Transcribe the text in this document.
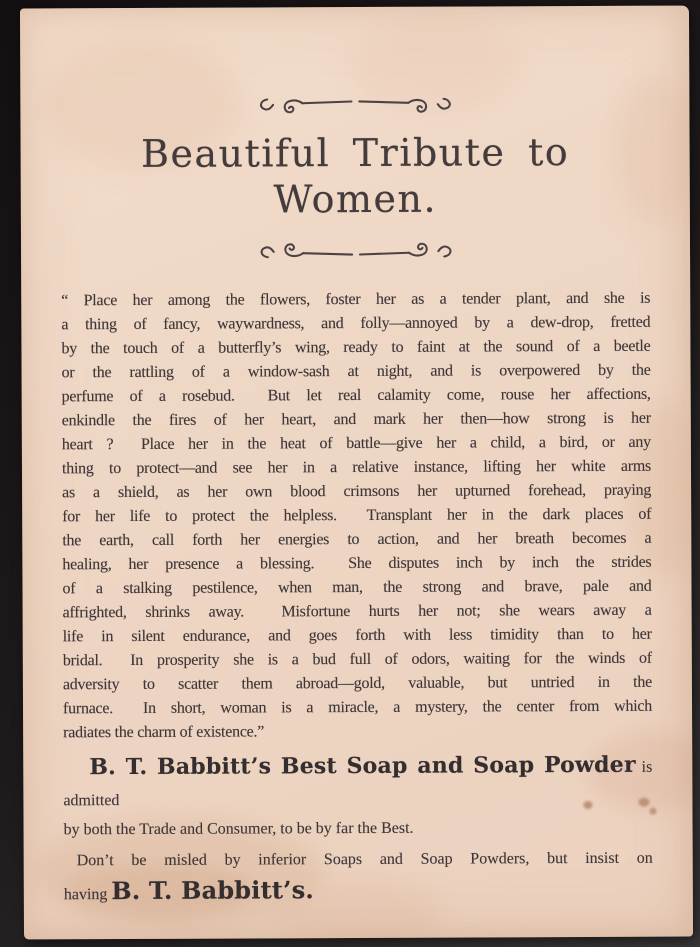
Beautiful Tribute to Women.
“ Place her among the flowers, foster her as a tender plant, and she is
a thing of fancy, waywardness, and folly—annoyed by a dew-drop, fretted
by the touch of a butterfly’s wing, ready to faint at the sound of a beetle
or the rattling of a window-sash at night, and is overpowered by the
perfume of a rosebud.  But let real calamity come, rouse her affections,
enkindle the fires of her heart, and mark her then—how strong is her
heart ?  Place her in the heat of battle—give her a child, a bird, or any
thing to protect—and see her in a relative instance, lifting her white arms
as a shield, as her own blood crimsons her upturned forehead, praying
for her life to protect the helpless.  Transplant her in the dark places of
the earth, call forth her energies to action, and her breath becomes a
healing, her presence a blessing.  She disputes inch by inch the strides
of a stalking pestilence, when man, the strong and brave, pale and
affrighted, shrinks away.  Misfortune hurts her not; she wears away a
life in silent endurance, and goes forth with less timidity than to her
bridal.  In prosperity she is a bud full of odors, waiting for the winds of
adversity to scatter them abroad—gold, valuable, but untried in the
furnace.  In short, woman is a miracle, a mystery, the center from which
radiates the charm of existence.”
B. T. Babbitt’s Best Soap and Soap Powder is admitted
by both the Trade and Consumer, to be by far the Best.
Don’t be misled by inferior Soaps and Soap Powders, but insist on
having B. T. Babbitt’s.
